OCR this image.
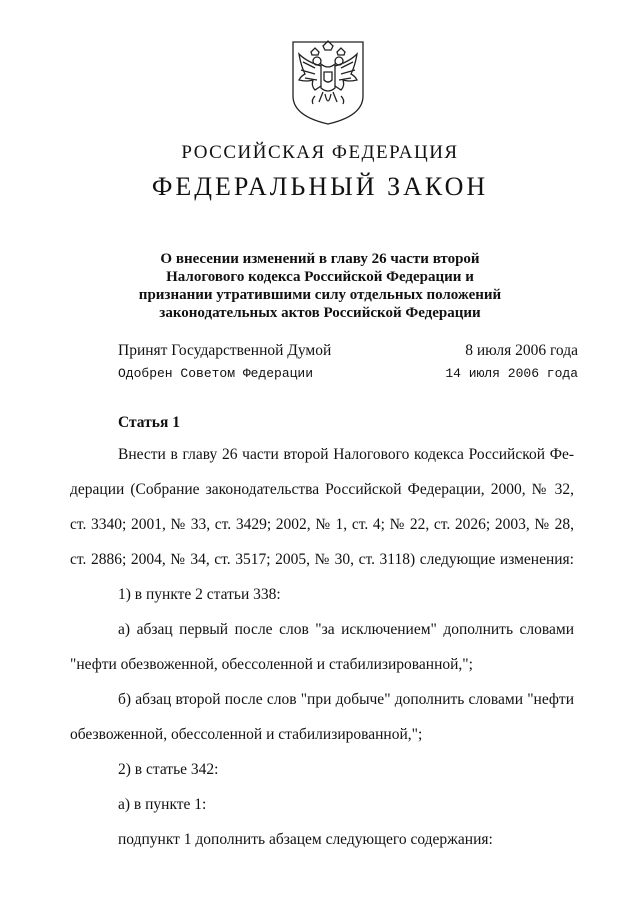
РОССИЙСКАЯ ФЕДЕРАЦИЯ
ФЕДЕРАЛЬНЫЙ ЗАКОН
О внесении изменений в главу 26 части второй
Налогового кодекса Российской Федерации и
признании утратившими силу отдельных положений
законодательных актов Российской Федерации
Принят Государственной Думой	8 июля 2006 года
Одобрен Советом Федерации	14 июля 2006 года
Статья 1
Внести в главу 26 части второй Налогового кодекса Российской Фе-
дерации (Собрание законодательства Российской Федерации, 2000, № 32,
ст. 3340; 2001, № 33, ст. 3429; 2002, № 1, ст. 4; № 22, ст. 2026; 2003, № 28,
ст. 2886; 2004, № 34, ст. 3517; 2005, № 30, ст. 3118) следующие изменения:
1) в пункте 2 статьи 338:
а) абзац первый после слов "за исключением" дополнить словами
"нефти обезвоженной, обессоленной и стабилизированной,";
б) абзац второй после слов "при добыче" дополнить словами "нефти
обезвоженной, обессоленной и стабилизированной,";
2) в статье 342:
а) в пункте 1:
подпункт 1 дополнить абзацем следующего содержания:
